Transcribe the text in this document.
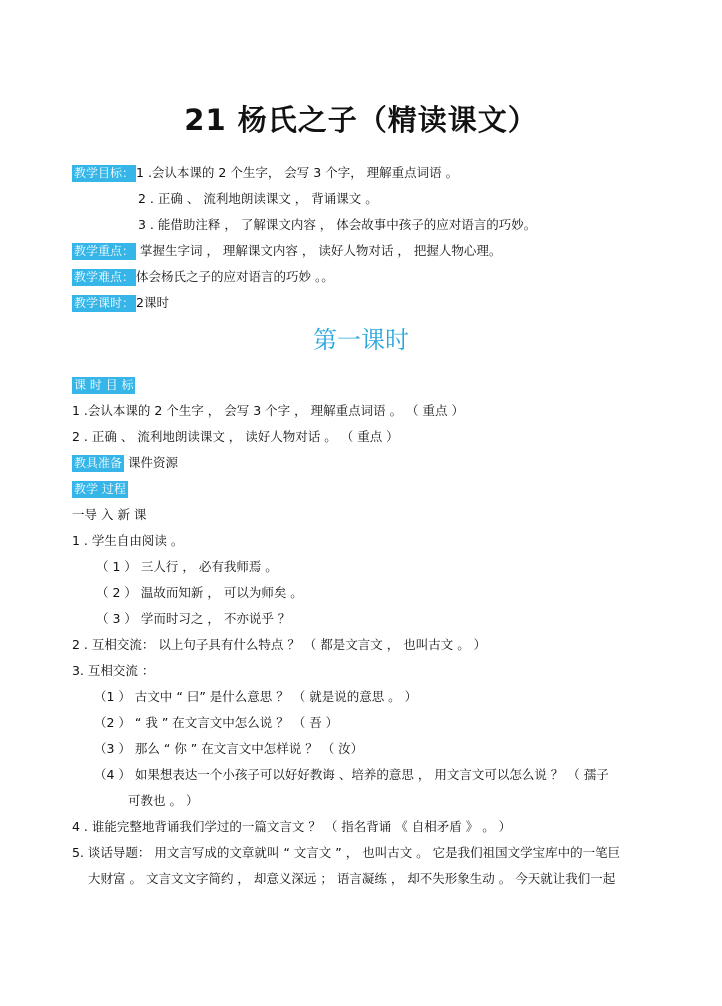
21 杨氏之子（精读课文）
教学目标： 1 .会认本课的 2 个生字， 会写 3 个字， 理解重点词语 。
2 . 正确 、 流利地朗读课文 ， 背诵课文 。
3 . 能借助注释 ， 了解课文内容 ， 体会故事中孩子的应对语言的巧妙。
教学重点： 掌握生字词 ， 理解课文内容 ， 读好人物对话 ， 把握人物心理。
教学难点： 体会杨氏之子的应对语言的巧妙 。。
教学课时： 2课时
第一课时
课 时 目 标
1 .会认本课的 2 个生字 ， 会写 3 个字 ， 理解重点词语 。 （ 重点 ）
2 . 正确 、 流利地朗读课文 ， 读好人物对话 。 （ 重点 ）
教具准备 课件资源
教学 过程
一导 入 新 课
1 . 学生自由阅读 。
（ 1 ） 三人行 ， 必有我师焉 。
（ 2 ） 温故而知新 ， 可以为师矣 。
（ 3 ） 学而时习之 ， 不亦说乎 ？
2 . 互相交流： 以上句子具有什么特点 ？ （ 都是文言文 ， 也叫古文 。 ）
3. 互相交流 ：
（1 ） 古文中 “ 曰” 是什么意思 ？ （ 就是说的意思 。 ）
（2 ） “ 我 ” 在文言文中怎么说 ？ （ 吾 ）
（3 ） 那么 “ 你 ” 在文言文中怎样说 ？ （ 汝）
（4 ） 如果想表达一个小孩子可以好好教诲 、培养的意思 ， 用文言文可以怎么说 ？ （ 孺子
可教也 。 ）
4 . 谁能完整地背诵我们学过的一篇文言文 ？ （ 指名背诵 《 自相矛盾 》 。 ）
5. 谈话导题： 用文言写成的文章就叫 “ 文言文 ” ， 也叫古文 。 它是我们祖国文学宝库中的一笔巨
大财富 。 文言文文字简约 ， 却意义深远 ； 语言凝练 ， 却不失形象生动 。 今天就让我们一起
